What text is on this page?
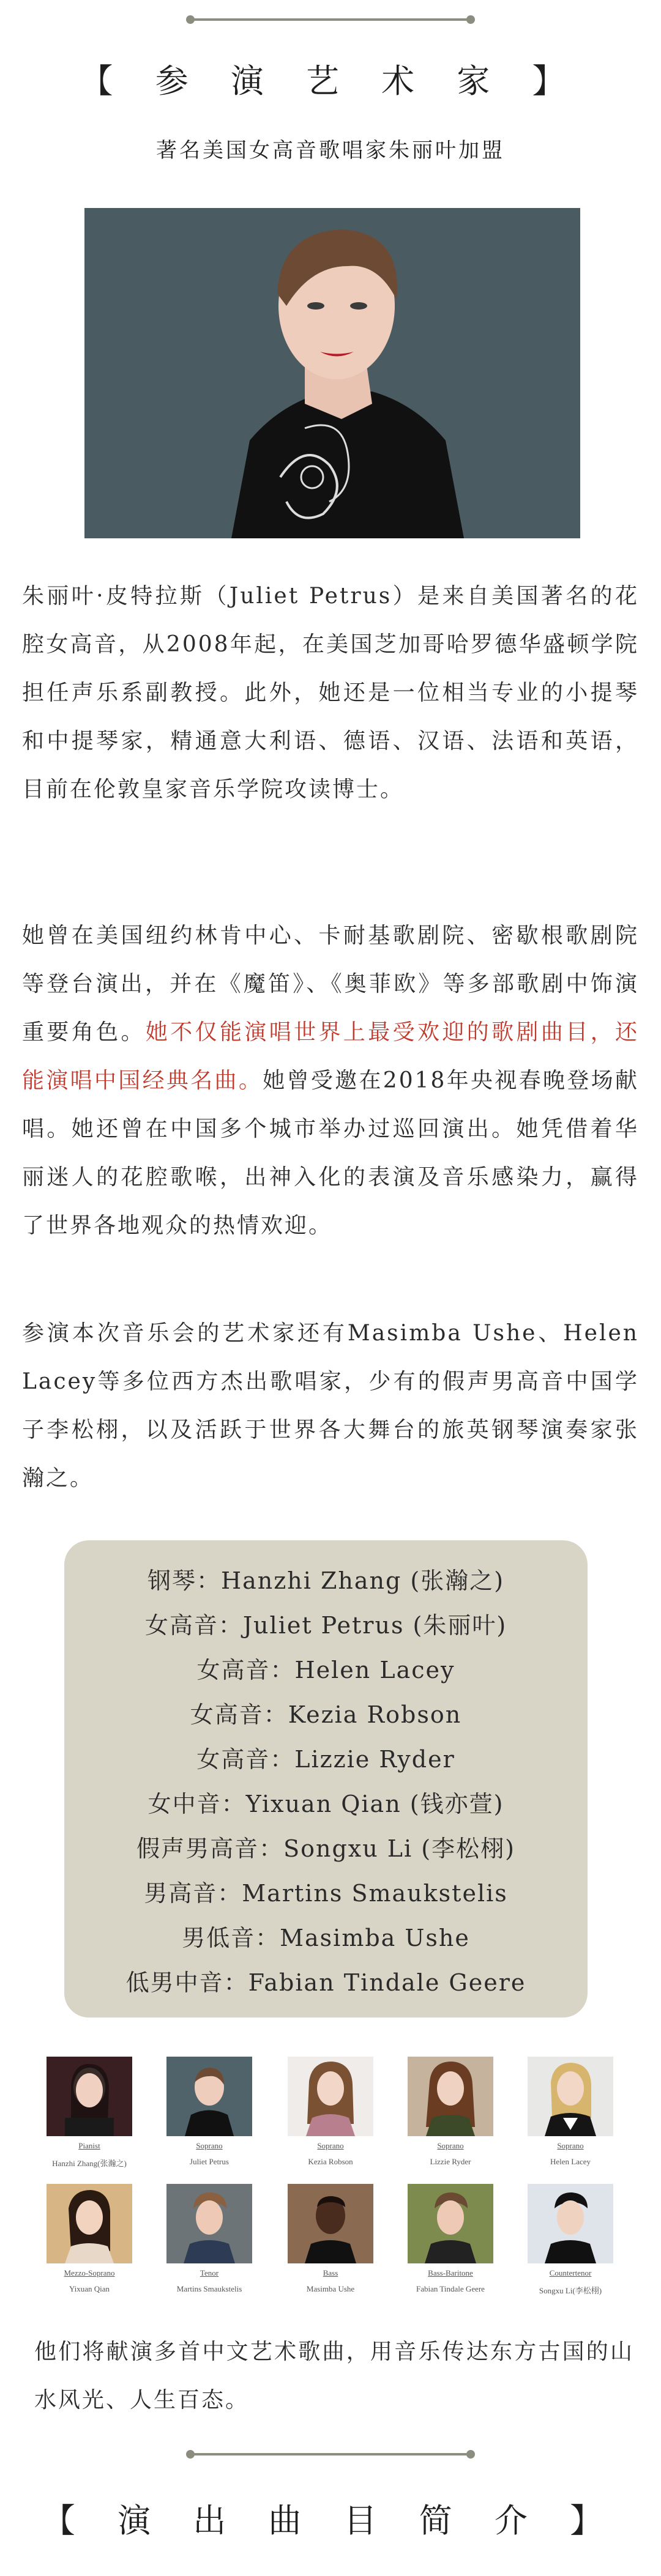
【 参 演 艺 术 家 】
著名美国女高音歌唱家朱丽叶加盟
朱丽叶·皮特拉斯（Juliet Petrus）是来自美国著名的花腔女高音，从2008年起，在美国芝加哥哈罗德华盛顿学院担任声乐系副教授。此外，她还是一位相当专业的小提琴和中提琴家，精通意大利语、德语、汉语、法语和英语，目前在伦敦皇家音乐学院攻读博士。
她曾在美国纽约林肯中心、卡耐基歌剧院、密歇根歌剧院等登台演出，并在《魔笛》、《奥菲欧》等多部歌剧中饰演重要角色。她不仅能演唱世界上最受欢迎的歌剧曲目，还能演唱中国经典名曲。她曾受邀在2018年央视春晚登场献唱。她还曾在中国多个城市举办过巡回演出。她凭借着华丽迷人的花腔歌喉，出神入化的表演及音乐感染力，赢得了世界各地观众的热情欢迎。
参演本次音乐会的艺术家还有Masimba Ushe、Helen Lacey等多位西方杰出歌唱家，少有的假声男高音中国学子李松栩，以及活跃于世界各大舞台的旅英钢琴演奏家张瀚之。
钢琴：Hanzhi Zhang (张瀚之)
女高音：Juliet Petrus (朱丽叶)
女高音：Helen Lacey
女高音：Kezia Robson
女高音：Lizzie Ryder
女中音：Yixuan Qian (钱亦萱)
假声男高音：Songxu Li (李松栩)
男高音：Martins Smaukstelis
男低音：Masimba Ushe
低男中音：Fabian Tindale Geere
Pianist
Hanzhi Zhang(张瀚之)
Soprano
Juliet Petrus
Soprano
Kezia Robson
Soprano
Lizzie Ryder
Soprano
Helen Lacey
Mezzo-Soprano
Yixuan Qian
Tenor
Martins Smaukstelis
Bass
Masimba Ushe
Bass-Baritone
Fabian Tindale Geere
Countertenor
Songxu Li(李松栩)
他们将献演多首中文艺术歌曲，用音乐传达东方古国的山水风光、人生百态。
【 演 出 曲 目 简 介 】
